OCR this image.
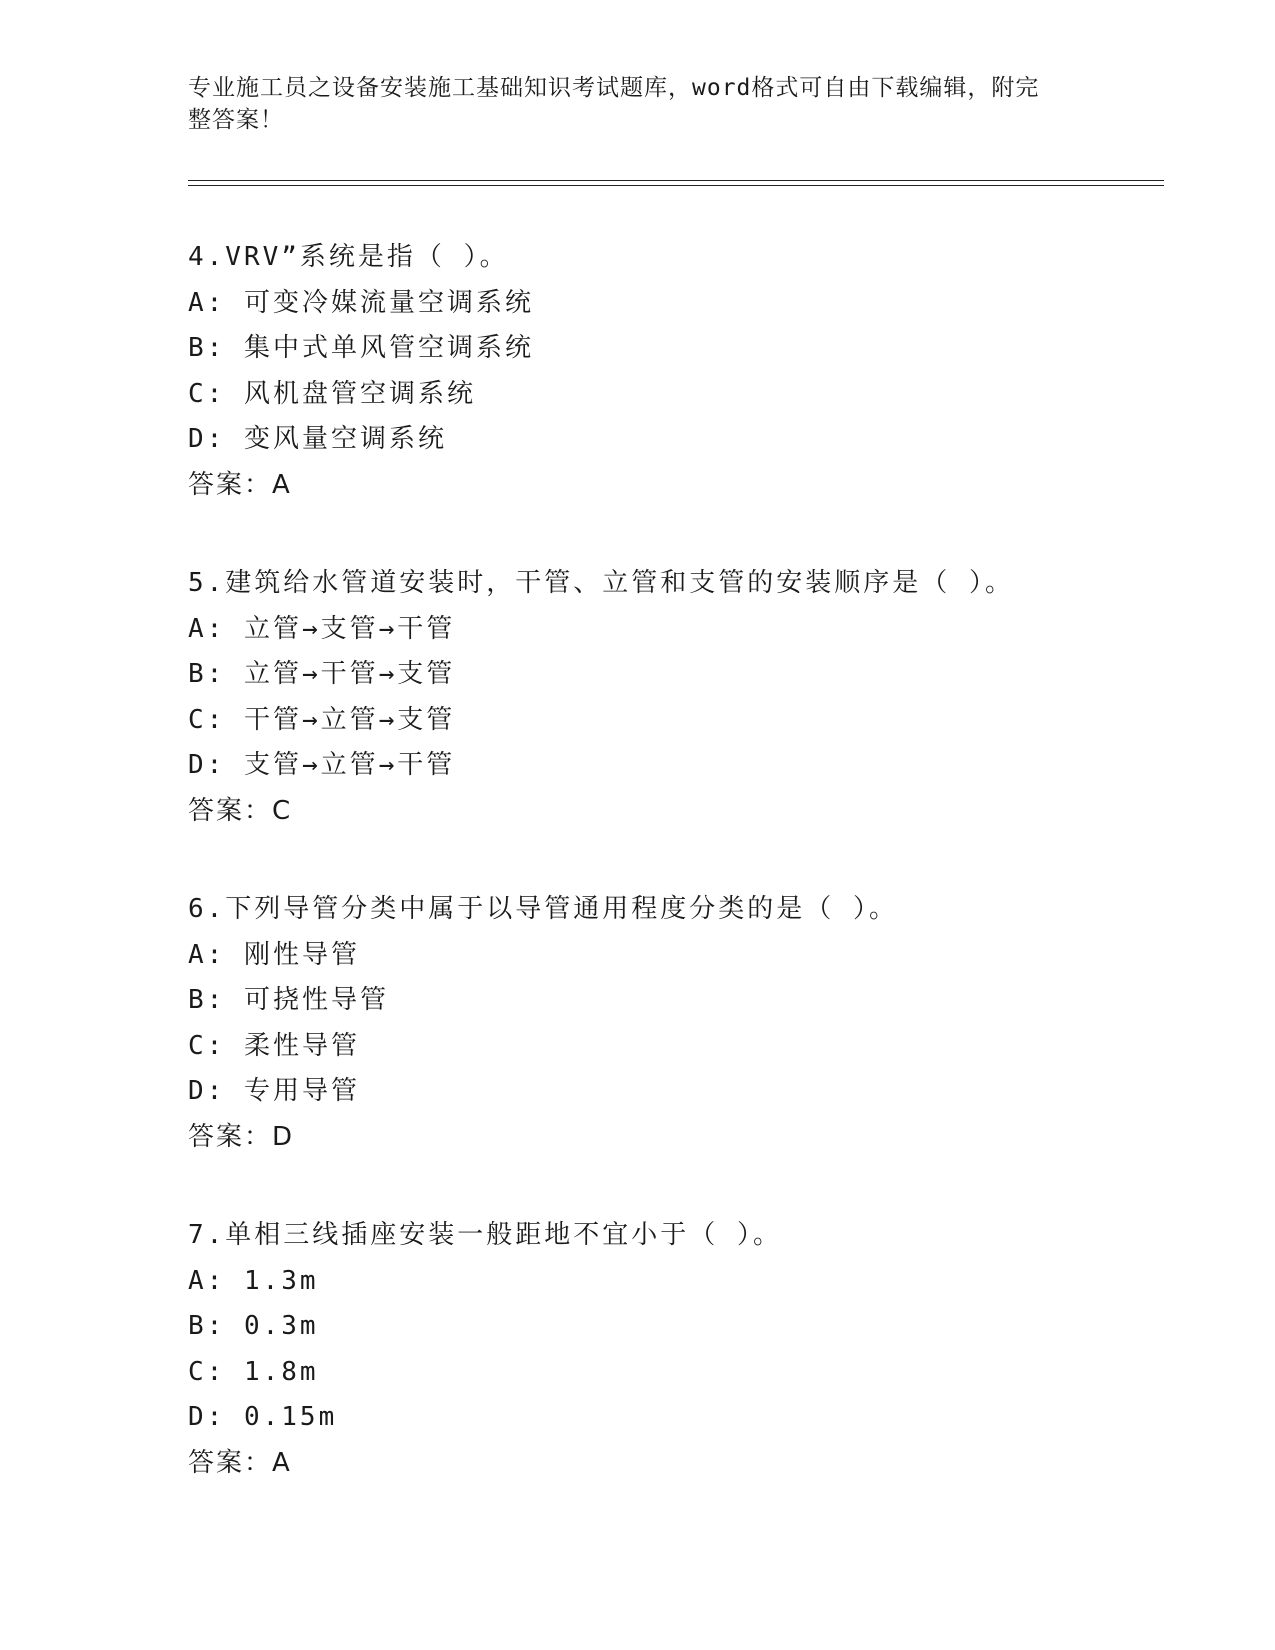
专业施工员之设备安装施工基础知识考试题库，word格式可自由下载编辑，附完
整答案！
4.VRV”系统是指（ ）。
A: 可变冷媒流量空调系统
B: 集中式单风管空调系统
C: 风机盘管空调系统
D: 变风量空调系统
答案：A
5.建筑给水管道安装时，干管、立管和支管的安装顺序是（ ）。
A: 立管→支管→干管
B: 立管→干管→支管
C: 干管→立管→支管
D: 支管→立管→干管
答案：C
6.下列导管分类中属于以导管通用程度分类的是（ ）。
A: 刚性导管
B: 可挠性导管
C: 柔性导管
D: 专用导管
答案：D
7.单相三线插座安装一般距地不宜小于（ ）。
A: 1.3m
B: 0.3m
C: 1.8m
D: 0.15m
答案：A
